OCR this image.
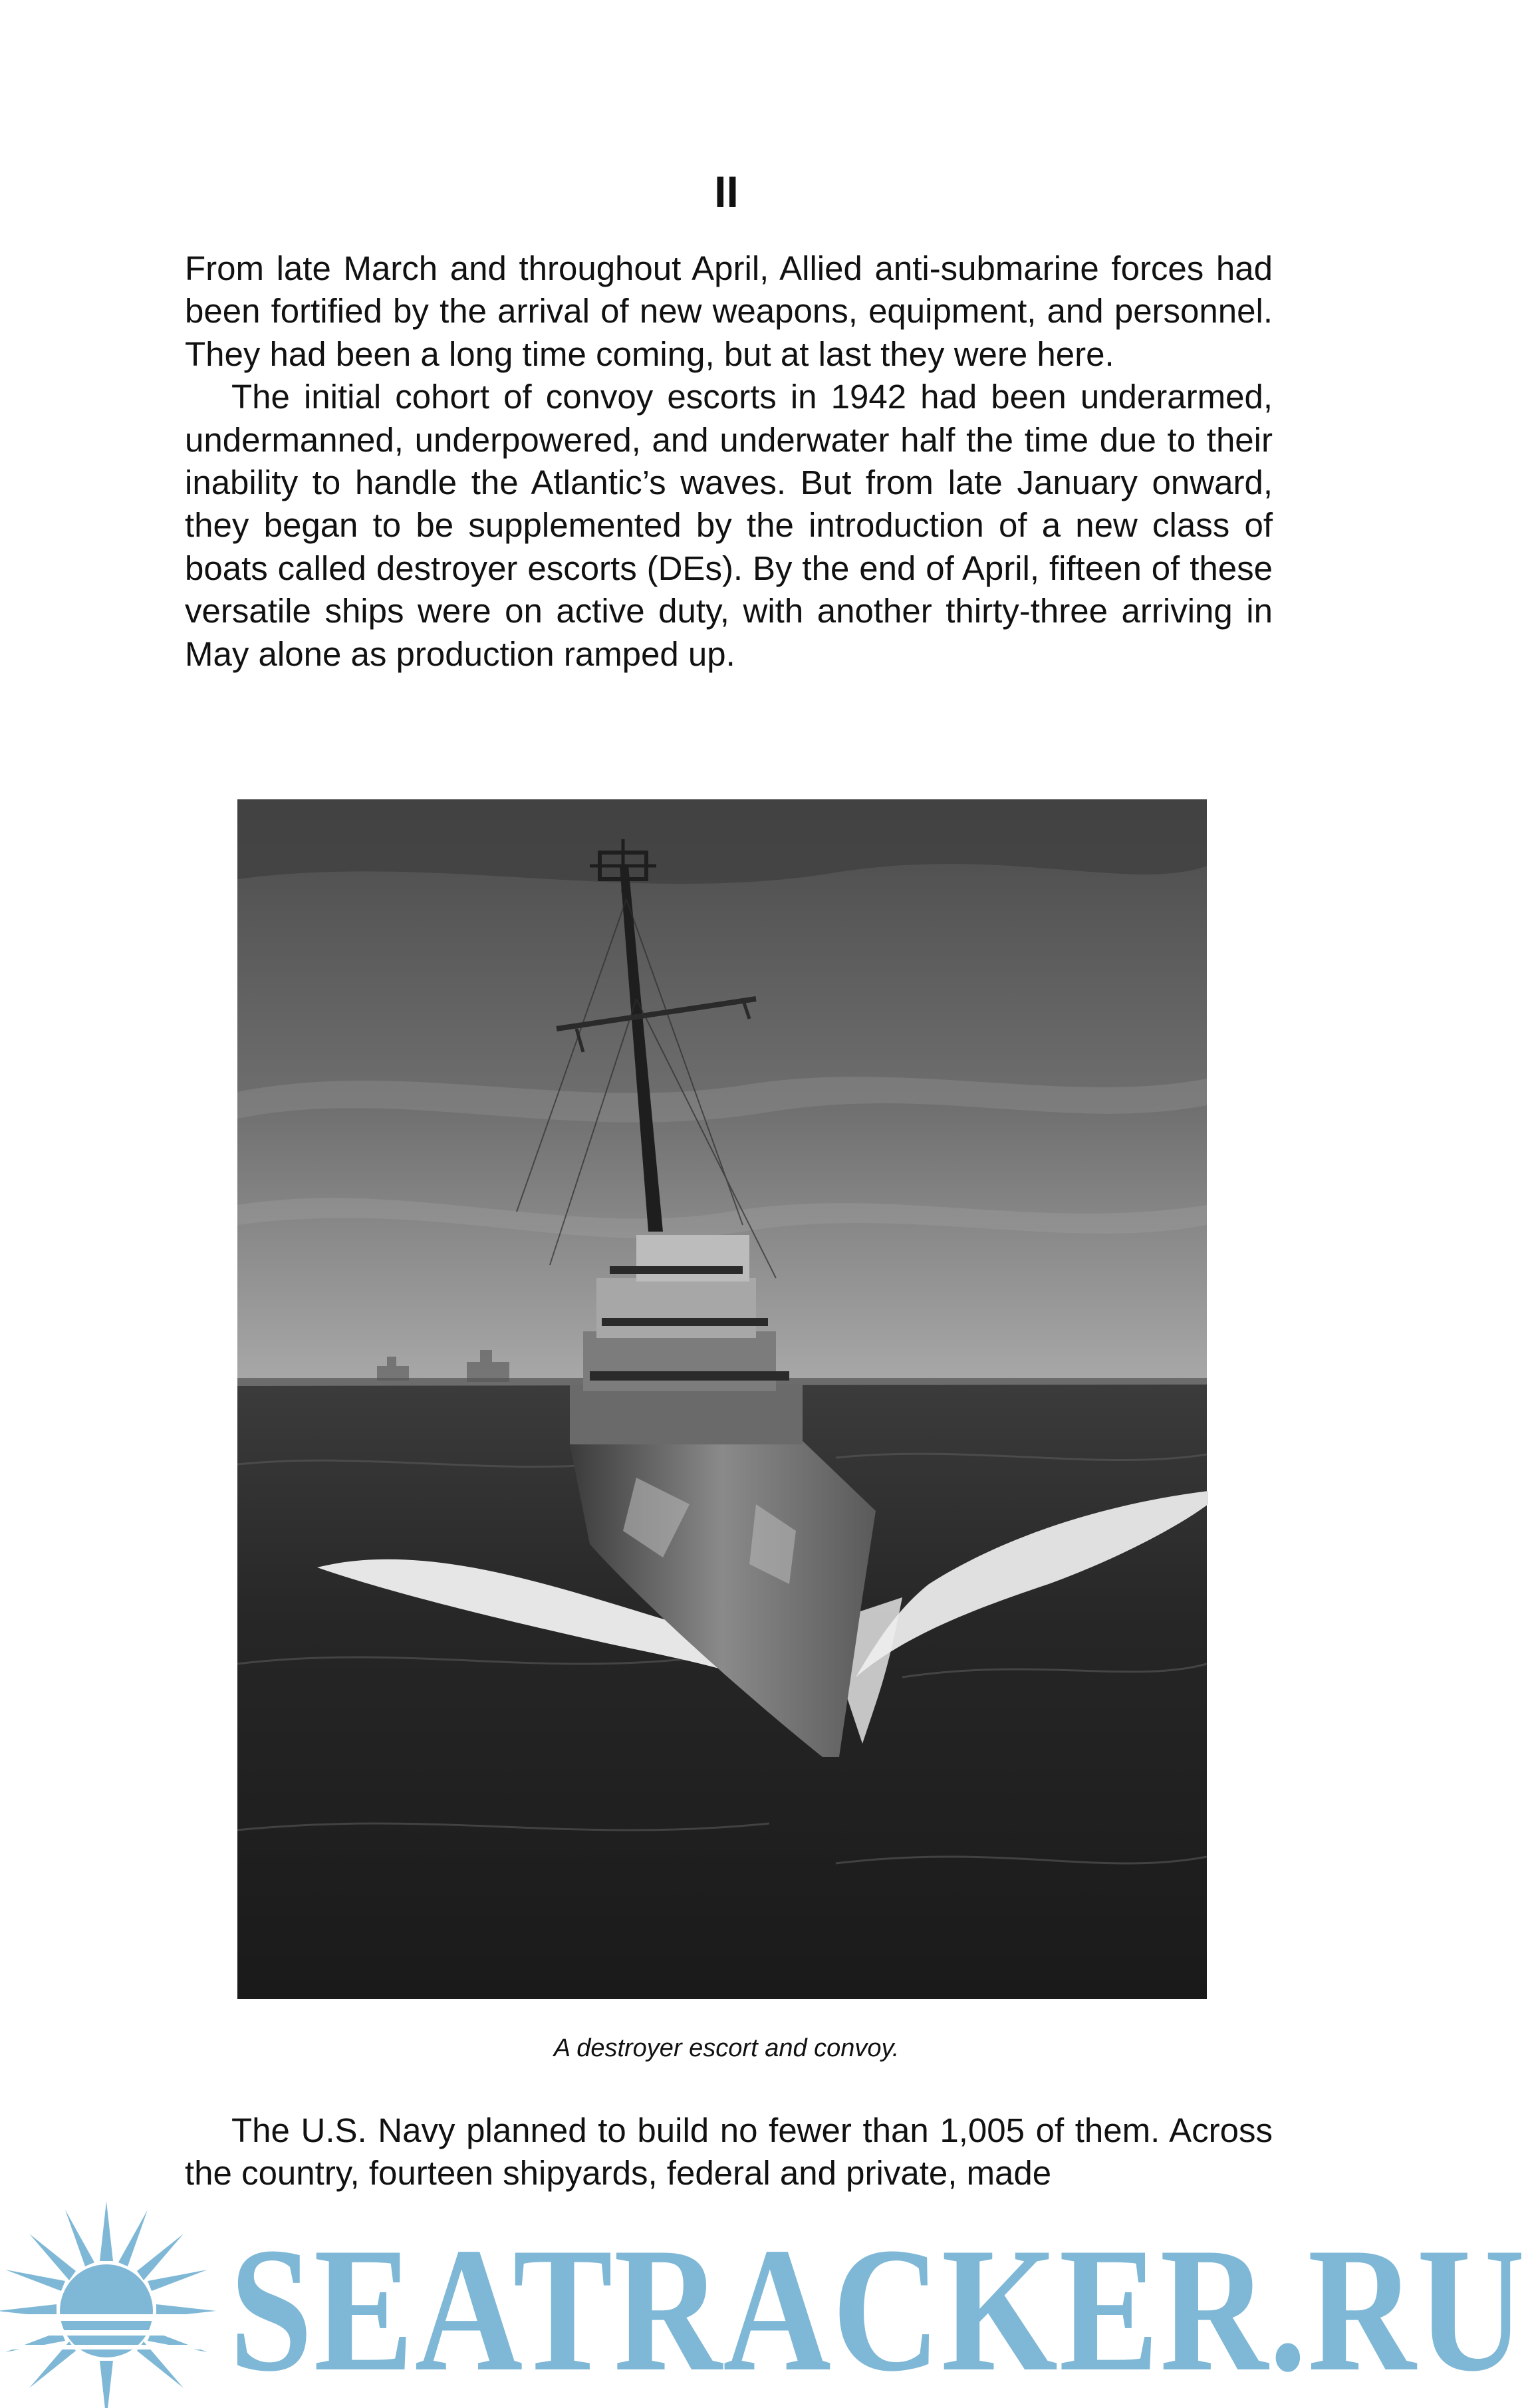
II

From late March and throughout April, Allied anti-submarine forces had been fortified by the arrival of new weapons, equipment, and personnel. They had been a long time coming, but at last they were here.

The initial cohort of convoy escorts in 1942 had been underarmed, undermanned, underpowered, and underwater half the time due to their inability to handle the Atlantic’s waves. But from late January onward, they began to be supplemented by the introduction of a new class of boats called destroyer escorts (DEs). By the end of April, fifteen of these versatile ships were on active duty, with another thirty-three arriving in May alone as production ramped up.

A destroyer escort and convoy.

The U.S. Navy planned to build no fewer than 1,005 of them. Across the country, fourteen shipyards, federal and private, made

SEATRACKER.RU
